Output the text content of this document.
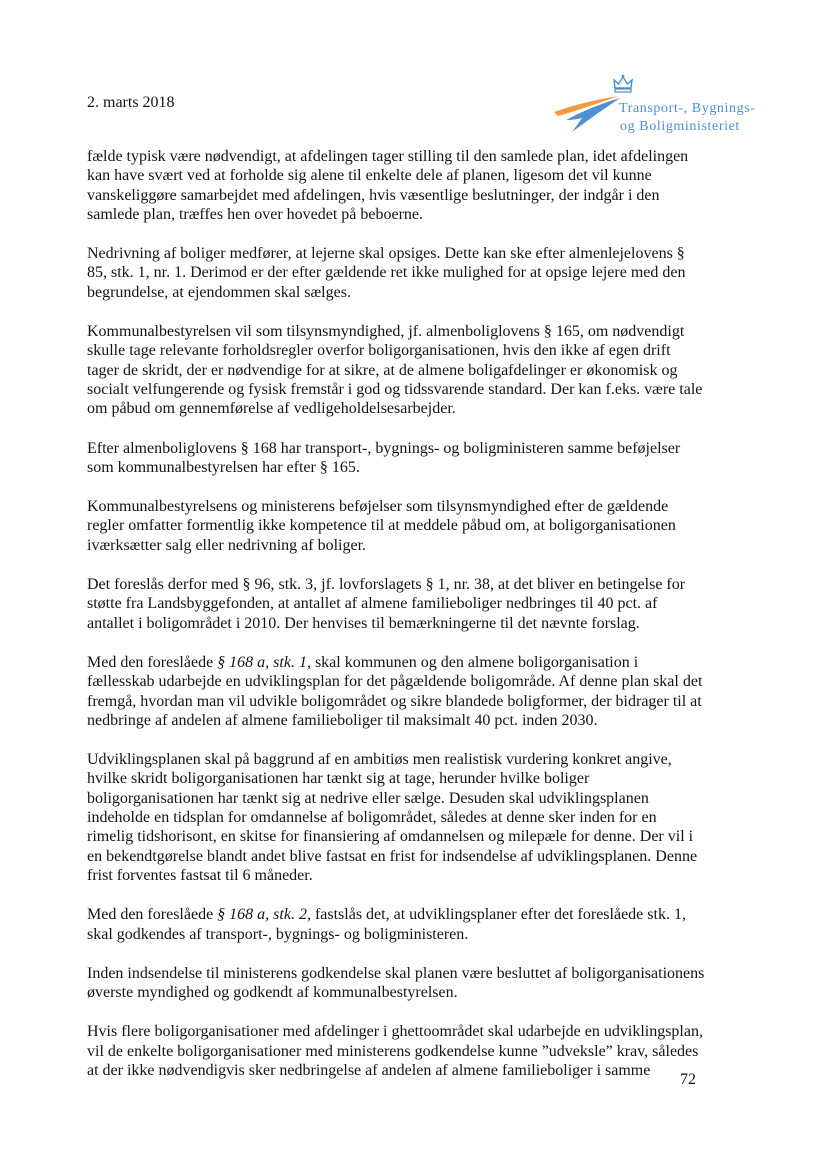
2. marts 2018	Transport-, Bygnings-
og Boligministeriet

fælde typisk være nødvendigt, at afdelingen tager stilling til den samlede plan, idet afdelingen kan have svært ved at forholde sig alene til enkelte dele af planen, ligesom det vil kunne vanskeliggøre samarbejdet med afdelingen, hvis væsentlige beslutninger, der indgår i den samlede plan, træffes hen over hovedet på beboerne.

Nedrivning af boliger medfører, at lejerne skal opsiges. Dette kan ske efter almenlejelovens § 85, stk. 1, nr. 1. Derimod er der efter gældende ret ikke mulighed for at opsige lejere med den begrundelse, at ejendommen skal sælges.

Kommunalbestyrelsen vil som tilsynsmyndighed, jf. almenboliglovens § 165, om nødvendigt skulle tage relevante forholdsregler overfor boligorganisationen, hvis den ikke af egen drift tager de skridt, der er nødvendige for at sikre, at de almene boligafdelinger er økonomisk og socialt velfungerende og fysisk fremstår i god og tidssvarende standard. Der kan f.eks. være tale om påbud om gennemførelse af vedligeholdelsesarbejder.

Efter almenboliglovens § 168 har transport-, bygnings- og boligministeren samme beføjelser som kommunalbestyrelsen har efter § 165.

Kommunalbestyrelsens og ministerens beføjelser som tilsynsmyndighed efter de gældende regler omfatter formentlig ikke kompetence til at meddele påbud om, at boligorganisationen iværksætter salg eller nedrivning af boliger.

Det foreslås derfor med § 96, stk. 3, jf. lovforslagets § 1, nr. 38, at det bliver en betingelse for støtte fra Landsbyggefonden, at antallet af almene familieboliger nedbringes til 40 pct. af antallet i boligområdet i 2010. Der henvises til bemærkningerne til det nævnte forslag.

Med den foreslåede § 168 a, stk. 1, skal kommunen og den almene boligorganisation i fællesskab udarbejde en udviklingsplan for det pågældende boligområde. Af denne plan skal det fremgå, hvordan man vil udvikle boligområdet og sikre blandede boligformer, der bidrager til at nedbringe af andelen af almene familieboliger til maksimalt 40 pct. inden 2030.

Udviklingsplanen skal på baggrund af en ambitiøs men realistisk vurdering konkret angive, hvilke skridt boligorganisationen har tænkt sig at tage, herunder hvilke boliger boligorganisationen har tænkt sig at nedrive eller sælge. Desuden skal udviklingsplanen indeholde en tidsplan for omdannelse af boligområdet, således at denne sker inden for en rimelig tidshorisont, en skitse for finansiering af omdannelsen og milepæle for denne. Der vil i en bekendtgørelse blandt andet blive fastsat en frist for indsendelse af udviklingsplanen. Denne frist forventes fastsat til 6 måneder.

Med den foreslåede § 168 a, stk. 2, fastslås det, at udviklingsplaner efter det foreslåede stk. 1, skal godkendes af transport-, bygnings- og boligministeren.

Inden indsendelse til ministerens godkendelse skal planen være besluttet af boligorganisationens øverste myndighed og godkendt af kommunalbestyrelsen.

Hvis flere boligorganisationer med afdelinger i ghettoområdet skal udarbejde en udviklingsplan, vil de enkelte boligorganisationer med ministerens godkendelse kunne ”udveksle” krav, således at der ikke nødvendigvis sker nedbringelse af andelen af almene familieboliger i samme

72
